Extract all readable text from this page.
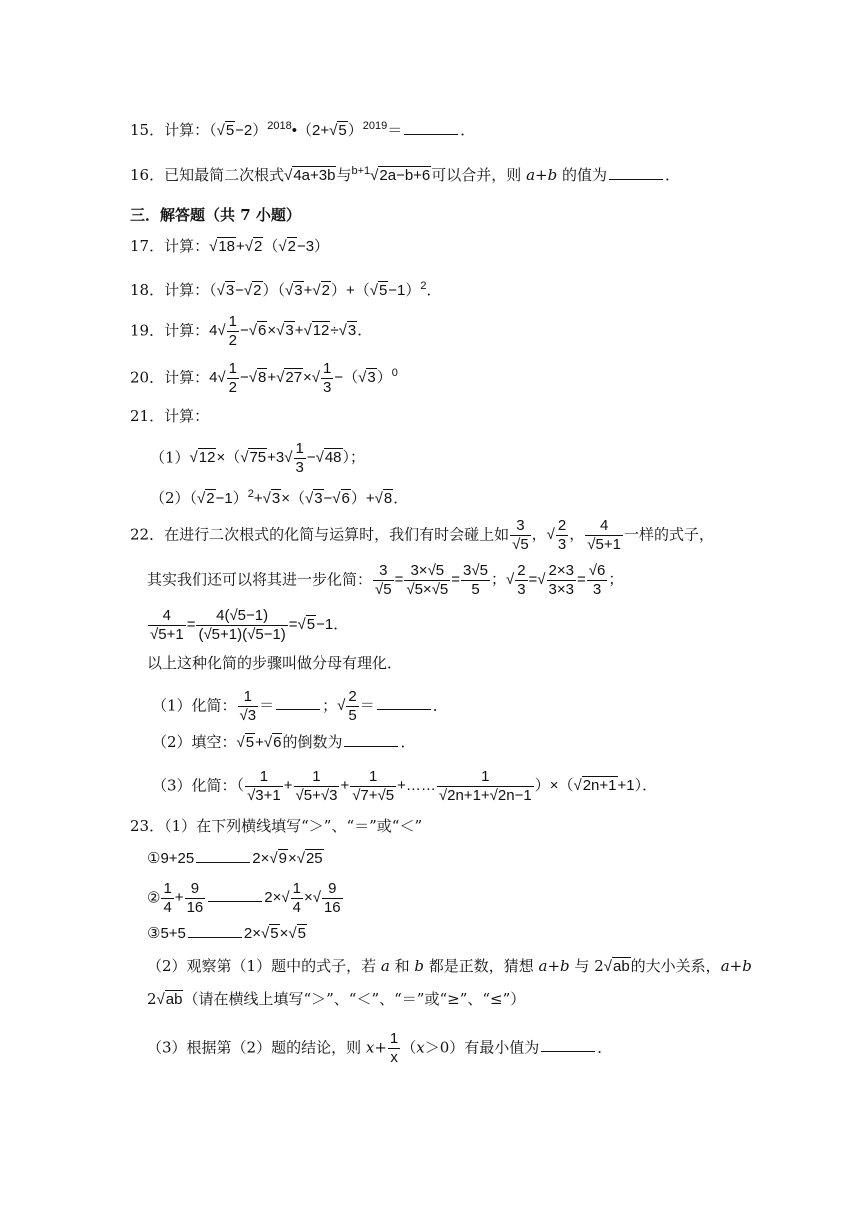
15．计算：$(√5-2)^{2018}•(2+√5)^{2019}=$	．
16．已知最简二次根式√4a+3b与$^{b+1}$√2a−b+6可以合并，则 a+b 的值为	．
三．解答题（共 7 小题）
17．计算：√18+√2（√2−3）
18．计算：$(√3-√2)(√3+√2)+(√5-1)^2$．
19．计算：$4√ \frac{1}{2} -√6\times√3+√12\div√3$．
20．计算：$4√ \frac{1}{2} -√8+√27\times√ \frac{1}{3} -(√3)^0$
21．计算：
$(1)√12\times(√75+3√ \frac{1}{3} -√48)$；
$(2)(√2-1)^2+√3\times(√3-√6)+√8$．
22．在进行二次根式的化简与运算时，我们有时会碰上如 $\frac{3}{√5}$ ，√ $\frac{2}{3}$ ， $\frac{4}{√5+1}$ 一样的式子，
其实我们还可以将其进一步化简： $\frac{3}{√5} = \frac{3\times√5}{√5\times√5} = \frac{3√5}{5}$ ；√ $\frac{2}{3}$ =√ $\frac{2\times 3}{3\times 3} = \frac{√6}{3}$ ；
$\frac{4}{√5+1} = \frac{4(√5-1)}{(√5+1)(√5-1)} =√5-1$．
以上这种化简的步骤叫做分母有理化．
（1）化简： $\frac{1}{√3}$ ＝	；√ $\frac{2}{5}$ ＝	．
（2）填空：√5+√6的倒数为	．
（3）化简：（ $\frac{1}{√3+1} + \frac{1}{√5+√3} + \frac{1}{√7+√5}$ +…… $\frac{1}{√2n+1+√2n-1} )\times(√2n+1+1)$．
23．（1）在下列横线填写“＞”、“＝”或“＜”
①9+25	2×√9×√25
② $\frac{1}{4} + \frac{9}{16}$	$2\times√ \frac{1}{4}$ ×√ $\frac{9}{16}$
③5+5	2×√5×√5
（2）观察第（1）题中的式子，若 a 和 b 都是正数，猜想 a+b 与 2√ab的大小关系，a+b
2√ab（请在横线上填写“＞”、“＜”、“＝”或“≥”、“≤”）
（3）根据第（2）题的结论，则 $x+ \frac{1}{x} (x>0)$有最小值为	．
